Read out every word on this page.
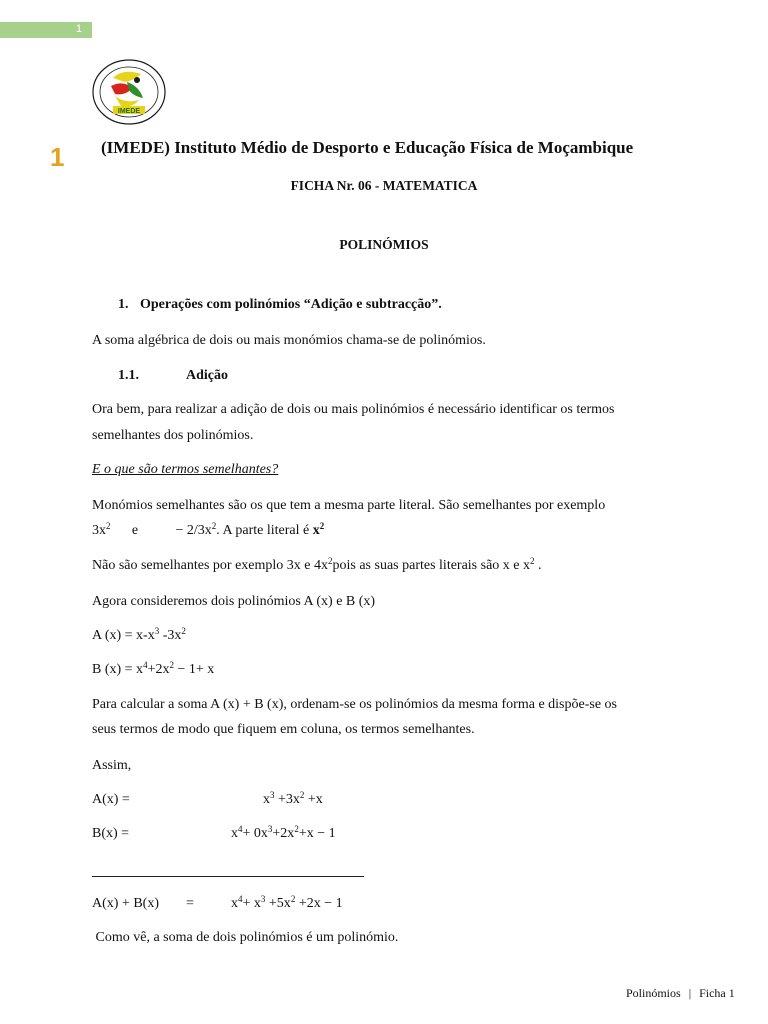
1
1
IMEDE
(IMEDE) Instituto Médio de Desporto e Educação Física de Moçambique
FICHA Nr. 06 - MATEMATICA
POLINÓMIOS
1. Operações com polinómios “Adição e subtracção”.
A soma algébrica de dois ou mais monómios chama-se de polinómios.
1.1.	Adição
Ora bem, para realizar a adição de dois ou mais polinómios é necessário identificar os termos
semelhantes dos polinómios.
E o que são termos semelhantes?
Monómios semelhantes são os que tem a mesma parte literal. São semelhantes por exemplo
$3x^2$ e	− $2/3x^2$. A parte literal é $x^2$
Não são semelhantes por exemplo 3x e $4x^2pois$ as suas partes literais são x e $x^2$ .
Agora consideremos dois polinómios A (x) e B (x)
A $(x) = x-x^3$ $-3x^2$
B $(x) = x^4+2x^2 - 1+ x$
Para calcular a soma A (x) + B (x), ordenam-se os polinómios da mesma forma e dispõe-se os
seus termos de modo que fiquem em coluna, os termos semelhantes.
Assim,
A(x) =	$x^3 +3x^2 +x$
B(x) =	$x^4+ 0x^3+2x^2+x - 1$
A(x) + B(x) =	$x^4+ x^3 +5x^2 +2x - 1$
Como vê, a soma de dois polinómios é um polinómio.
Polinómios | Ficha 1
